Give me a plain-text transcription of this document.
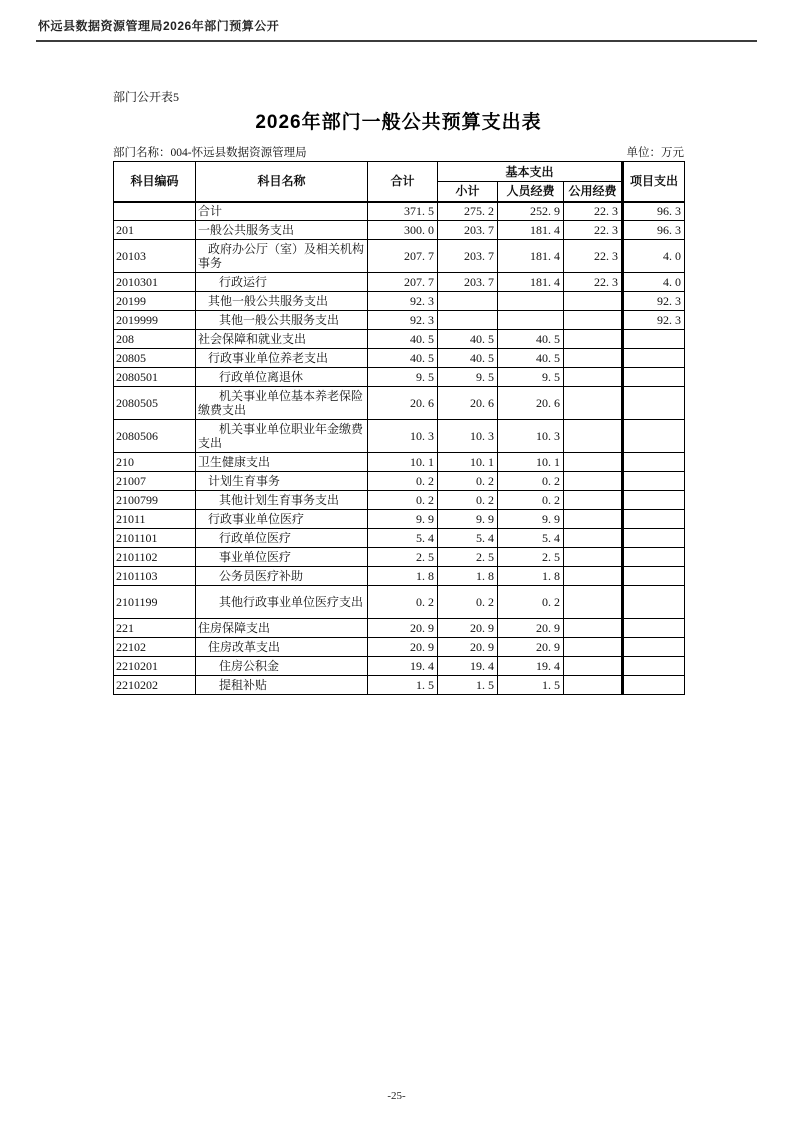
怀远县数据资源管理局2026年部门预算公开
部门公开表5
2026年部门一般公共预算支出表
部门名称：004-怀远县数据资源管理局	单位：万元
科目编码	科目名称	合计	基本支出			项目支出
			小计	人员经费	公用经费	
	合计	371. 5	275. 2	252. 9	22. 3	96. 3
201	一般公共服务支出	300. 0	203. 7	181. 4	22. 3	96. 3
20103	政府办公厅（室）及相关机构事务	207. 7	203. 7	181. 4	22. 3	4. 0
2010301	行政运行	207. 7	203. 7	181. 4	22. 3	4. 0
20199	其他一般公共服务支出	92. 3				92. 3
2019999	其他一般公共服务支出	92. 3				92. 3
208	社会保障和就业支出	40. 5	40. 5	40. 5		
20805	行政事业单位养老支出	40. 5	40. 5	40. 5		
2080501	行政单位离退休	9. 5	9. 5	9. 5		
2080505	机关事业单位基本养老保险缴费支出	20. 6	20. 6	20. 6		
2080506	机关事业单位职业年金缴费支出	10. 3	10. 3	10. 3		
210	卫生健康支出	10. 1	10. 1	10. 1		
21007	计划生育事务	0. 2	0. 2	0. 2		
2100799	其他计划生育事务支出	0. 2	0. 2	0. 2		
21011	行政事业单位医疗	9. 9	9. 9	9. 9		
2101101	行政单位医疗	5. 4	5. 4	5. 4		
2101102	事业单位医疗	2. 5	2. 5	2. 5		
2101103	公务员医疗补助	1. 8	1. 8	1. 8		
2101199	其他行政事业单位医疗支出	0. 2	0. 2	0. 2		
221	住房保障支出	20. 9	20. 9	20. 9		
22102	住房改革支出	20. 9	20. 9	20. 9		
2210201	住房公积金	19. 4	19. 4	19. 4		
2210202	提租补贴	1. 5	1. 5	1. 5		
-25-
